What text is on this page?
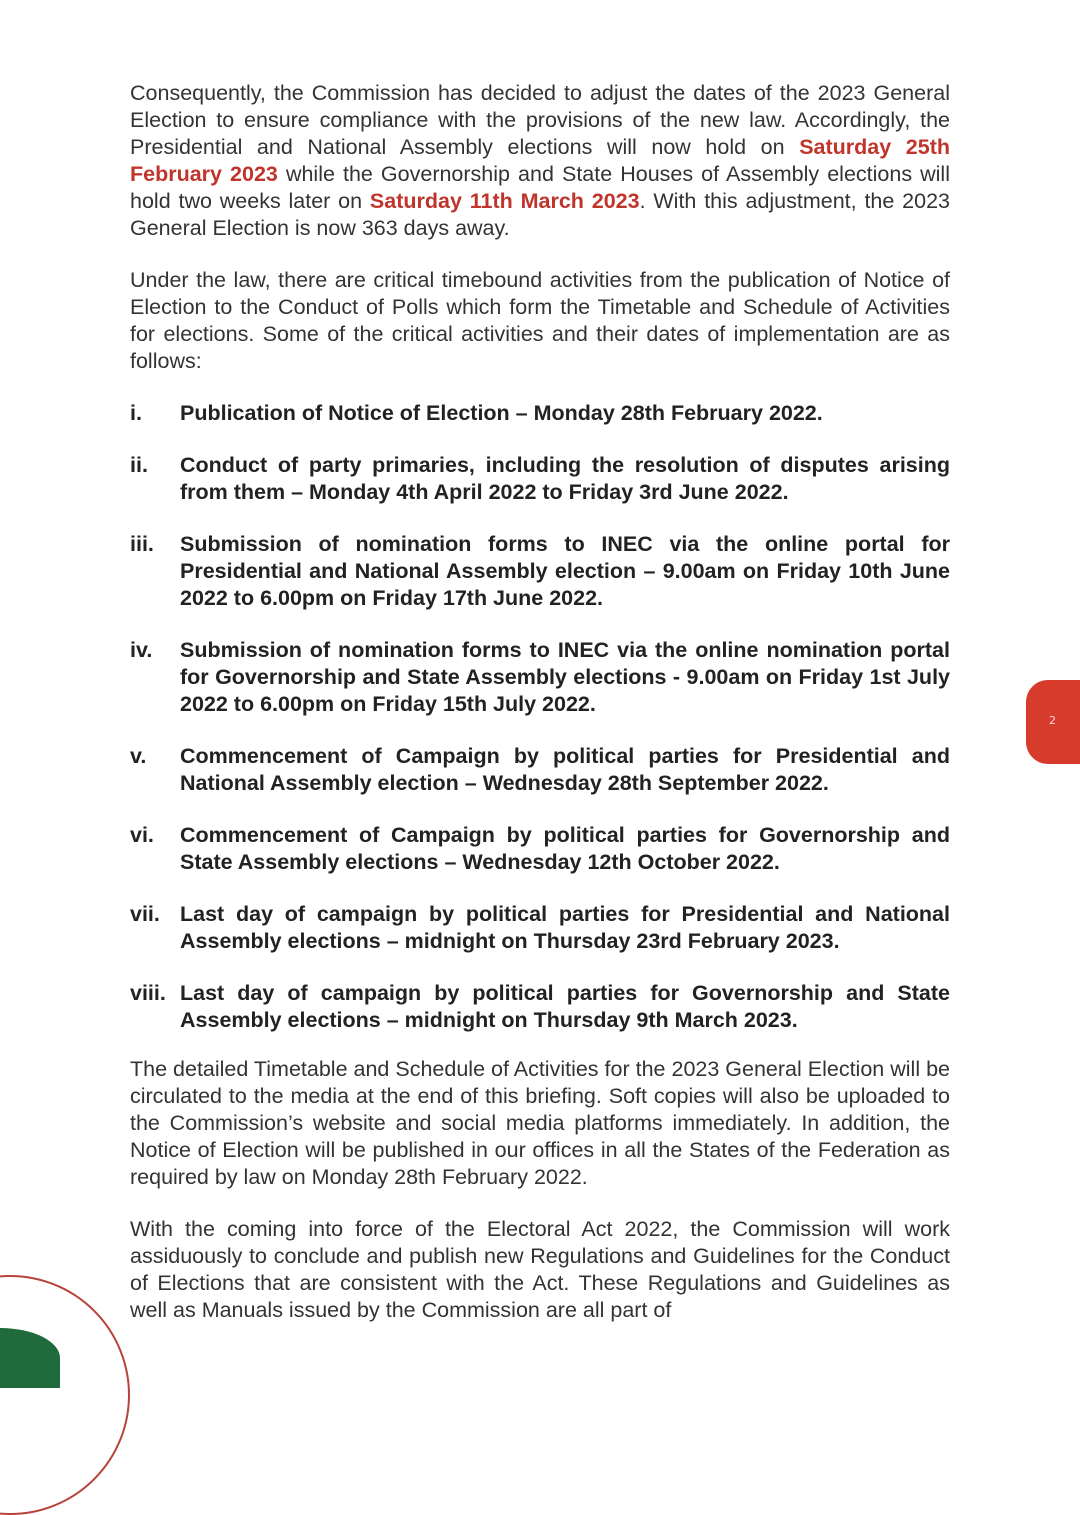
Consequently, the Commission has decided to adjust the dates of the 2023 General Election to ensure compliance with the provisions of the new law. Accordingly, the Presidential and National Assembly elections will now hold on Saturday 25th February 2023 while the Governorship and State Houses of Assembly elections will hold two weeks later on Saturday 11th March 2023. With this adjustment, the 2023 General Election is now 363 days away.

Under the law, there are critical timebound activities from the publication of Notice of Election to the Conduct of Polls which form the Timetable and Schedule of Activities for elections. Some of the critical activities and their dates of implementation are as follows:

i.	Publication of Notice of Election – Monday 28th February 2022.
ii.	Conduct of party primaries, including the resolution of disputes arising from them – Monday 4th April 2022 to Friday 3rd June 2022.
iii.	Submission of nomination forms to INEC via the online portal for Presidential and National Assembly election – 9.00am on Friday 10th June 2022 to 6.00pm on Friday 17th June 2022.
iv.	Submission of nomination forms to INEC via the online nomination portal for Governorship and State Assembly elections - 9.00am on Friday 1st July 2022 to 6.00pm on Friday 15th July 2022.
v.	Commencement of Campaign by political parties for Presidential and National Assembly election – Wednesday 28th September 2022.
vi.	Commencement of Campaign by political parties for Governorship and State Assembly elections – Wednesday 12th October 2022.
vii. Last day of campaign by political parties for Presidential and National Assembly elections – midnight on Thursday 23rd February 2023.
viii. Last day of campaign by political parties for Governorship and State Assembly elections – midnight on Thursday 9th March 2023.

The detailed Timetable and Schedule of Activities for the 2023 General Election will be circulated to the media at the end of this briefing. Soft copies will also be uploaded to the Commission’s website and social media platforms immediately. In addition, the Notice of Election will be published in our offices in all the States of the Federation as required by law on Monday 28th February 2022.

With the coming into force of the Electoral Act 2022, the Commission will work assiduously to conclude and publish new Regulations and Guidelines for the Conduct of Elections that are consistent with the Act. These Regulations and Guidelines as well as Manuals issued by the Commission are all part of

2
